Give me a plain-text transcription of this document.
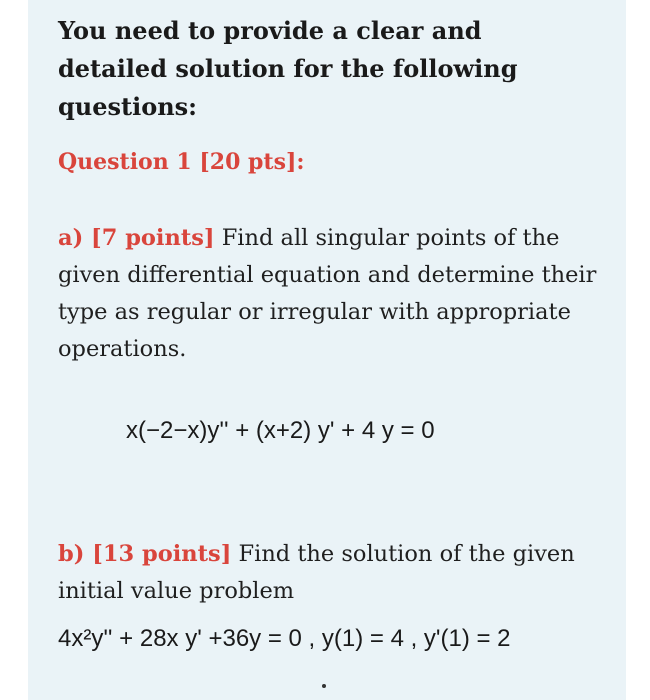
You need to provide a clear and detailed solution for the following questions:

Question 1 [20 pts]:

a) [7 points] Find all singular points of the given differential equation and determine their type as regular or irregular with appropriate operations.

x(−2−x)y'' + (x+2) y' + 4 y = 0

b) [13 points] Find the solution of the given initial value problem

4x²y'' + 28x y' +36y = 0 , y(1) = 4 , y'(1) = 2
